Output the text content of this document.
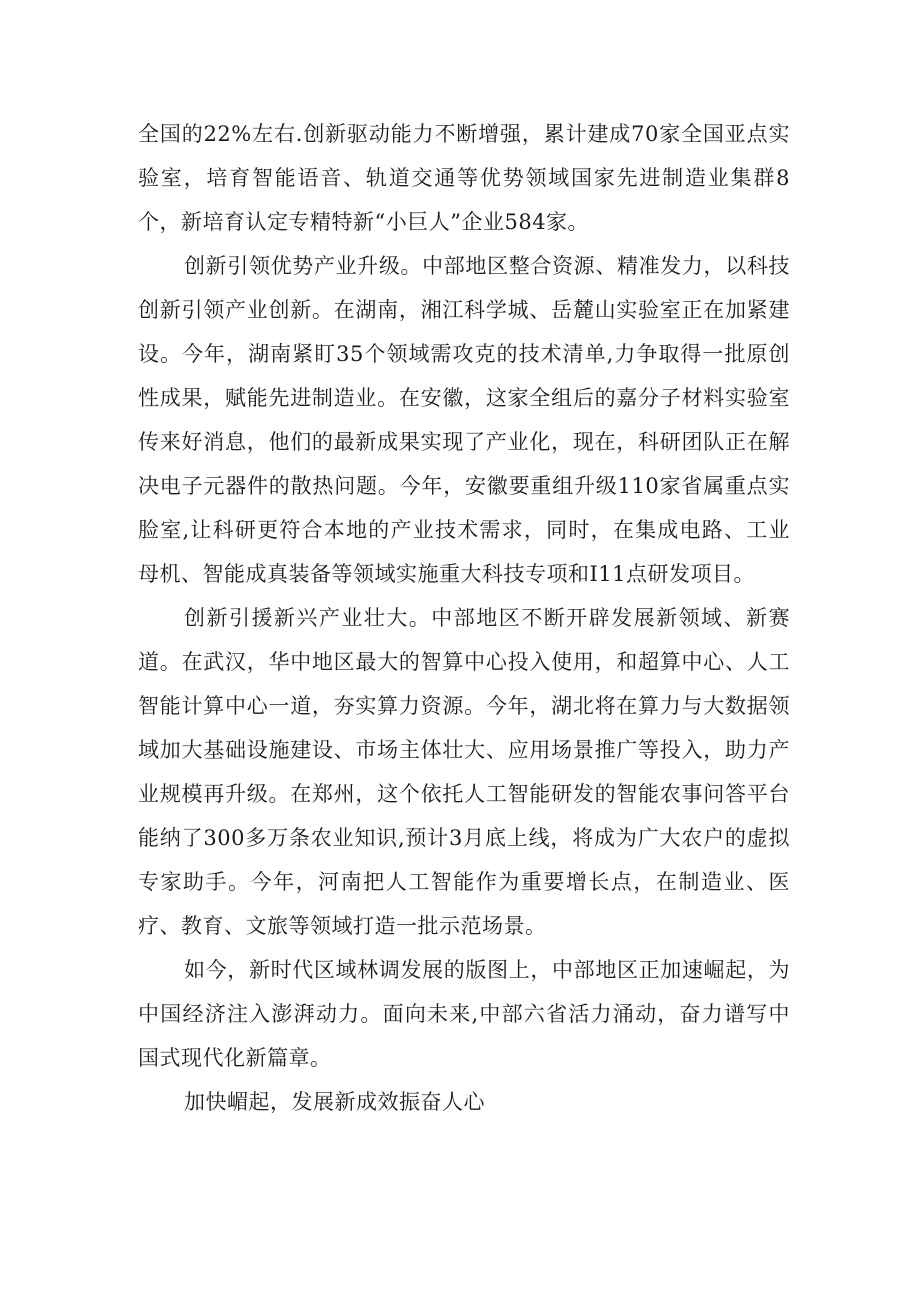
全国的22%左右.创新驱动能力不断增强，累计建成70家全国亚点实验室，培育智能语音、轨道交通等优势领域国家先进制造业集群8个，新培育认定专精特新“小巨人”企业584家。

创新引领优势产业升级。中部地区整合资源、精准发力，以科技创新引领产业创新。在湖南，湘江科学城、岳麓山实验室正在加紧建设。今年，湖南紧盯35个领域需攻克的技术清单,力争取得一批原创性成果，赋能先进制造业。在安徽，这家全组后的嘉分子材料实验室传来好消息，他们的最新成果实现了产业化，现在，科研团队正在解决电子元器件的散热问题。今年，安徽要重组升级110家省属重点实脸室,让科研更符合本地的产业技术需求，同时，在集成电路、工业母机、智能成真装备等领域实施重大科技专项和I11点研发项目。

创新引援新兴产业壮大。中部地区不断开辟发展新领域、新赛道。在武汉，华中地区最大的智算中心投入使用，和超算中心、人工智能计算中心一道，夯实算力资源。今年，湖北将在算力与大数据领域加大基础设施建设、市场主体壮大、应用场景推广等投入，助力产业规模再升级。在郑州，这个依托人工智能研发的智能农事问答平台能纳了300多万条农业知识,预计3月底上线，将成为广大农户的虚拟专家助手。今年，河南把人工智能作为重要增长点，在制造业、医疗、教育、文旅等领域打造一批示范场景。

如今，新时代区域林调发展的版图上，中部地区正加速崛起，为中国经济注入澎湃动力。面向未来,中部六省活力涌动，奋力谱写中国式现代化新篇章。

加快嵋起，发展新成效振奋人心
